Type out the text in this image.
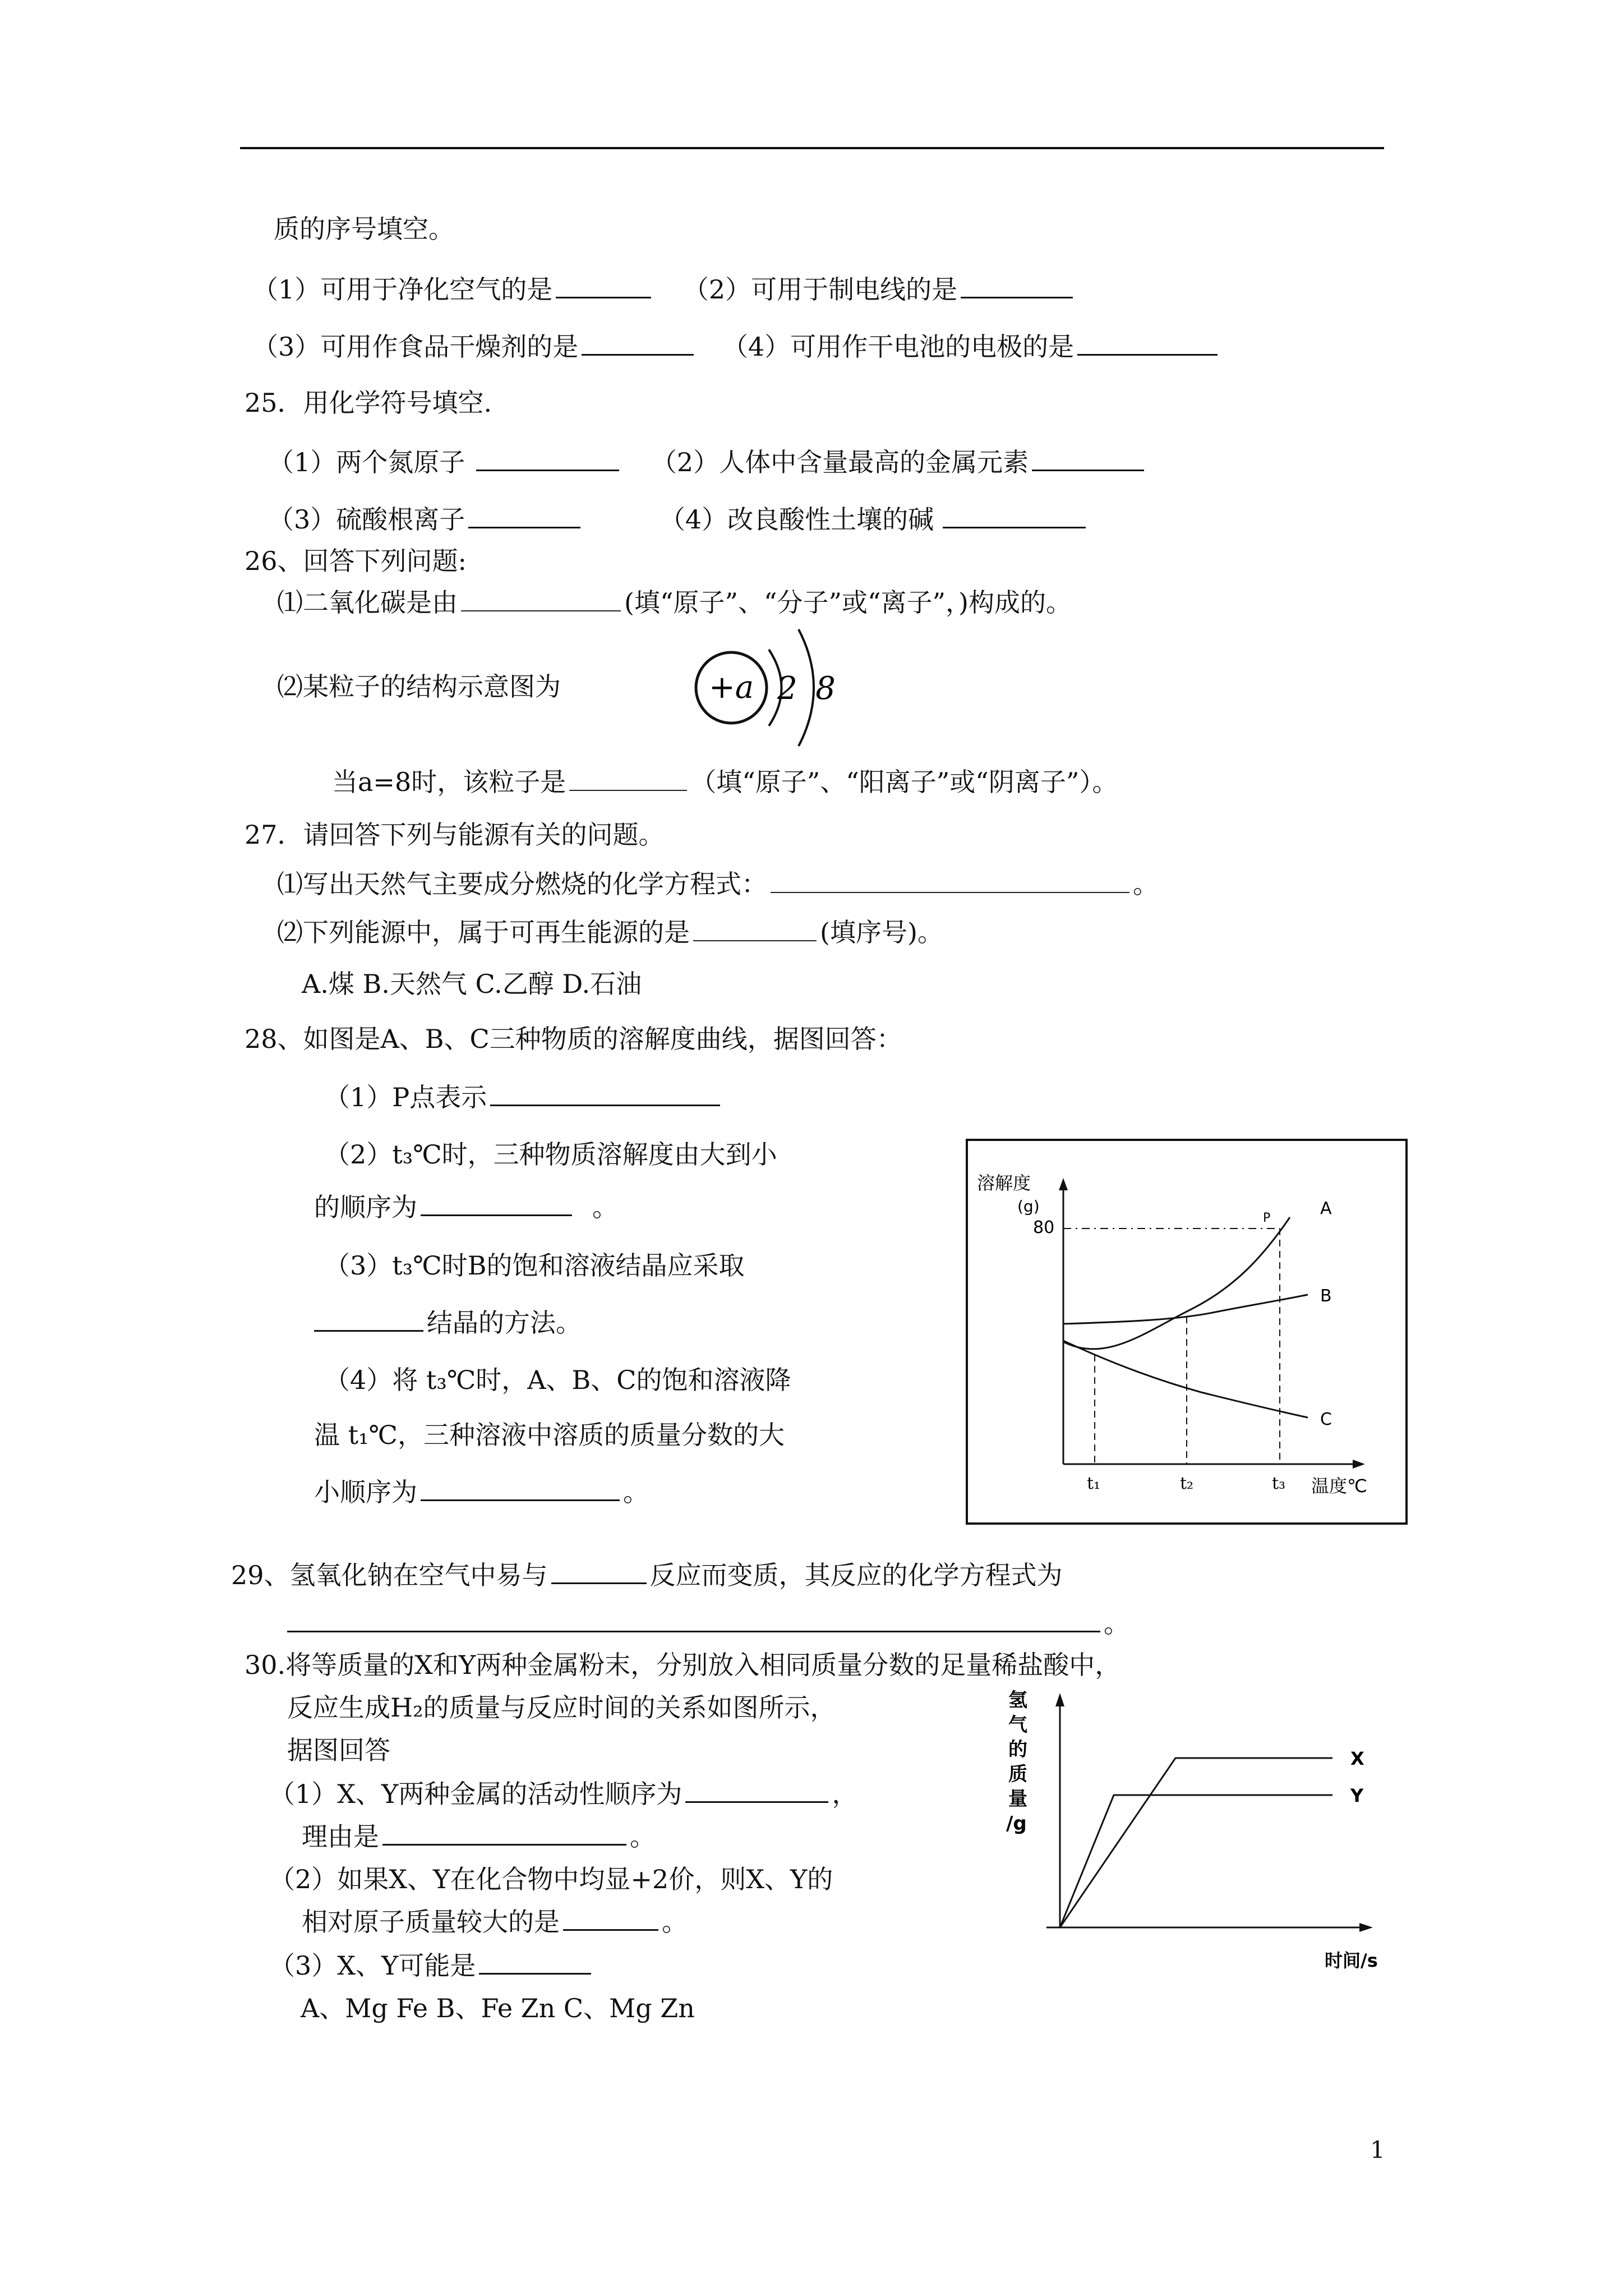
质的序号填空。
（1）可用于净化空气的是	（2）可用于制电线的是
（3）可用作食品干燥剂的是	（4）可用作干电池的电极的是
25．用化学符号填空.
（1）两个氮原子	（2）人体中含量最高的金属元素
（3）硫酸根离子	（4）改良酸性土壤的碱
26、回答下列问题:
⑴二氧化碳是由	(填“原子”、“分子”或“离子”，)构成的。
⑵某粒子的结构示意图为	+a 2 8
当a=8时，该粒子是	（填“原子”、“阳离子”或“阴离子”）。
27．请回答下列与能源有关的问题。
⑴写出天然气主要成分燃烧的化学方程式：	。
⑵下列能源中，属于可再生能源的是	(填序号)。
A.煤 B.天然气 C.乙醇 D.石油
28、如图是A、B、C三种物质的溶解度曲线，据图回答：
（1）P点表示
（2）t₃℃时，三种物质溶解度由大到小
的顺序为	。
（3）t₃℃时B的饱和溶液结晶应采取
结晶的方法。
（4）将 t₃℃时，A、B、C的饱和溶液降
温 t₁℃，三种溶液中溶质的质量分数的大
小顺序为	。
溶解度
(g)
80	P	A
B
C
t₁	t₂	t₃ 温度℃
29、氢氧化钠在空气中易与	反应而变质，其反应的化学方程式为
。
30.将等质量的X和Y两种金属粉末，分别放入相同质量分数的足量稀盐酸中，
反应生成H₂的质量与反应时间的关系如图所示，
据图回答
（1）X、Y两种金属的活动性顺序为	，
理由是	。
（2）如果X、Y在化合物中均显+2价，则X、Y的
相对原子质量较大的是	。
（3）X、Y可能是
A、Mg Fe B、Fe Zn C、Mg Zn
氢
气
的
质
量
/g
X
Y
时间/s
1
